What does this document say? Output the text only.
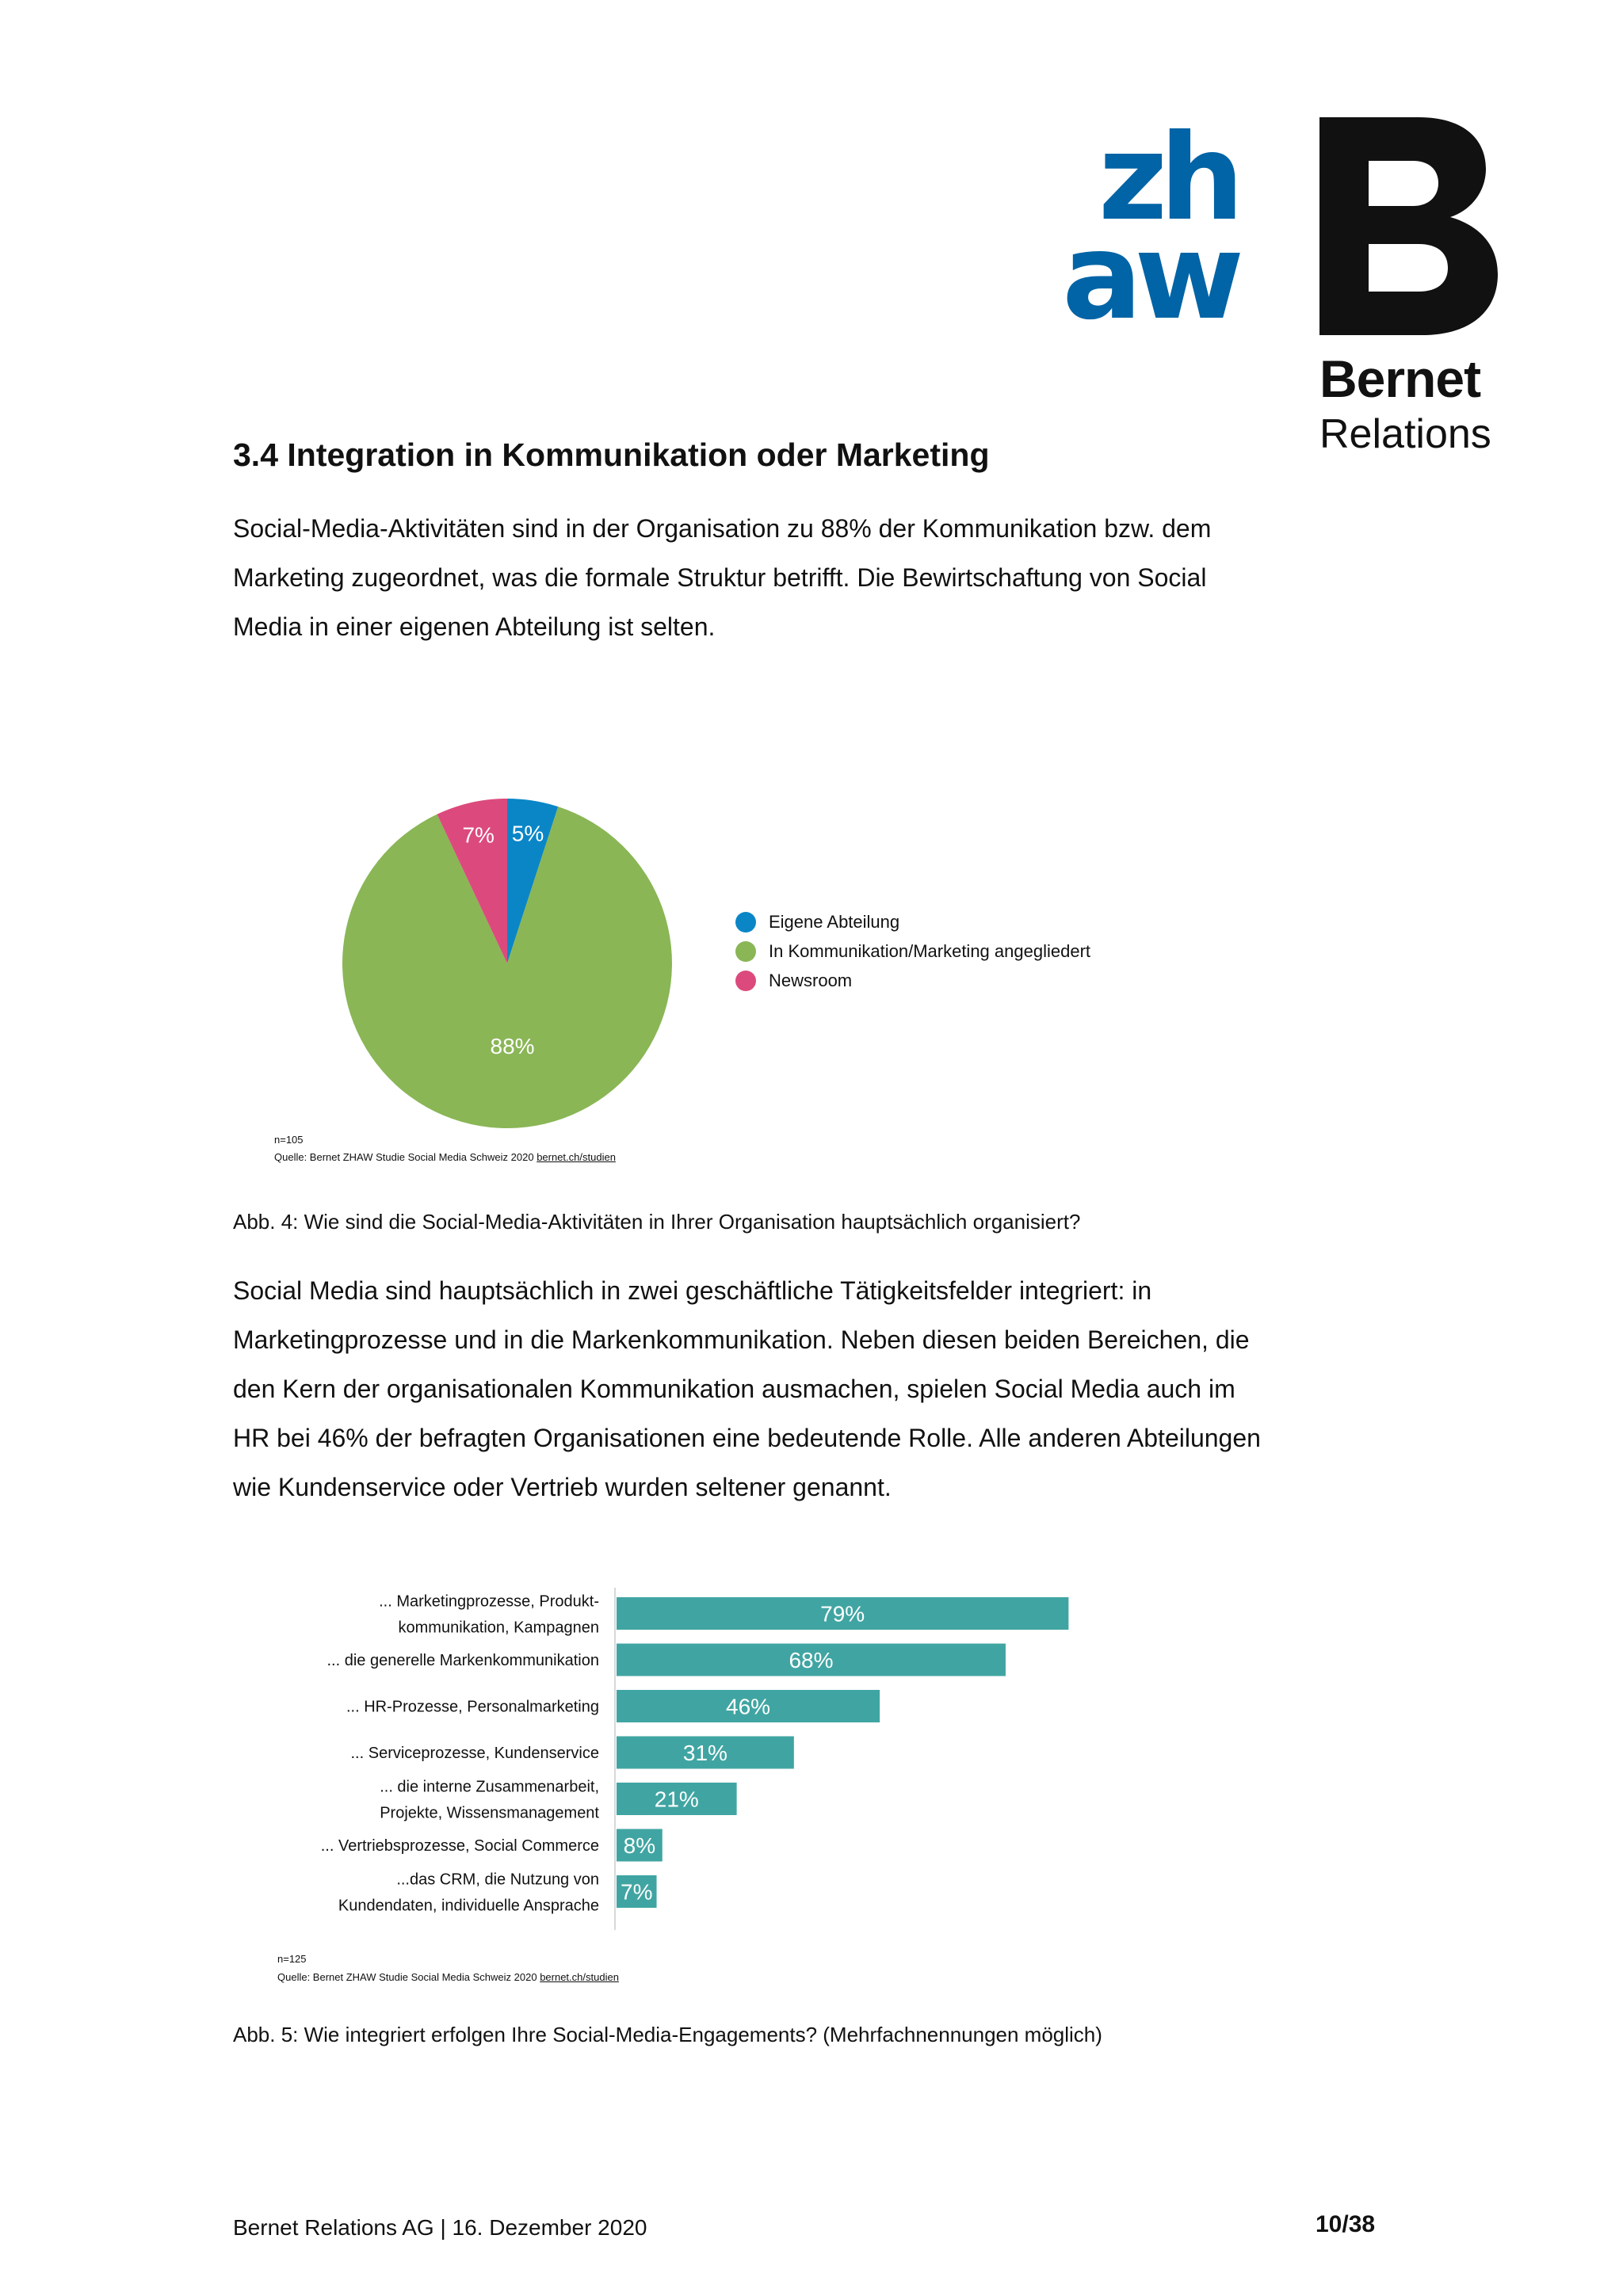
zh
aw
Bernet
Relations
3.4 Integration in Kommunikation oder Marketing
Social-Media-Aktivitäten sind in der Organisation zu 88% der Kommunikation bzw. dem Marketing zugeordnet, was die formale Struktur betrifft. Die Bewirtschaftung von Social Media in einer eigenen Abteilung ist selten.
5%
88%
7%
Eigene Abteilung
In Kommunikation/Marketing angegliedert
Newsroom
n=105
Quelle: Bernet ZHAW Studie Social Media Schweiz 2020 bernet.ch/studien
Abb. 4: Wie sind die Social-Media-Aktivitäten in Ihrer Organisation hauptsächlich organisiert?
Social Media sind hauptsächlich in zwei geschäftliche Tätigkeitsfelder integriert: in Marketingprozesse und in die Markenkommunikation. Neben diesen beiden Bereichen, die den Kern der organisationalen Kommunikation ausmachen, spielen Social Media auch im HR bei 46% der befragten Organisationen eine bedeutende Rolle. Alle anderen Abteilungen wie Kundenservice oder Vertrieb wurden seltener genannt.
79%
... Marketingprozesse, Produkt-
kommunikation, Kampagnen
68%
... die generelle Markenkommunikation
46%
... HR-Prozesse, Personalmarketing
31%
... Serviceprozesse, Kundenservice
21%
... die interne Zusammenarbeit,
Projekte, Wissensmanagement
8%
... Vertriebsprozesse, Social Commerce
7%
...das CRM, die Nutzung von
Kundendaten, individuelle Ansprache
n=125
Quelle: Bernet ZHAW Studie Social Media Schweiz 2020 bernet.ch/studien
Abb. 5: Wie integriert erfolgen Ihre Social-Media-Engagements? (Mehrfachnennungen möglich)
Bernet Relations AG | 16. Dezember 2020	10/38
